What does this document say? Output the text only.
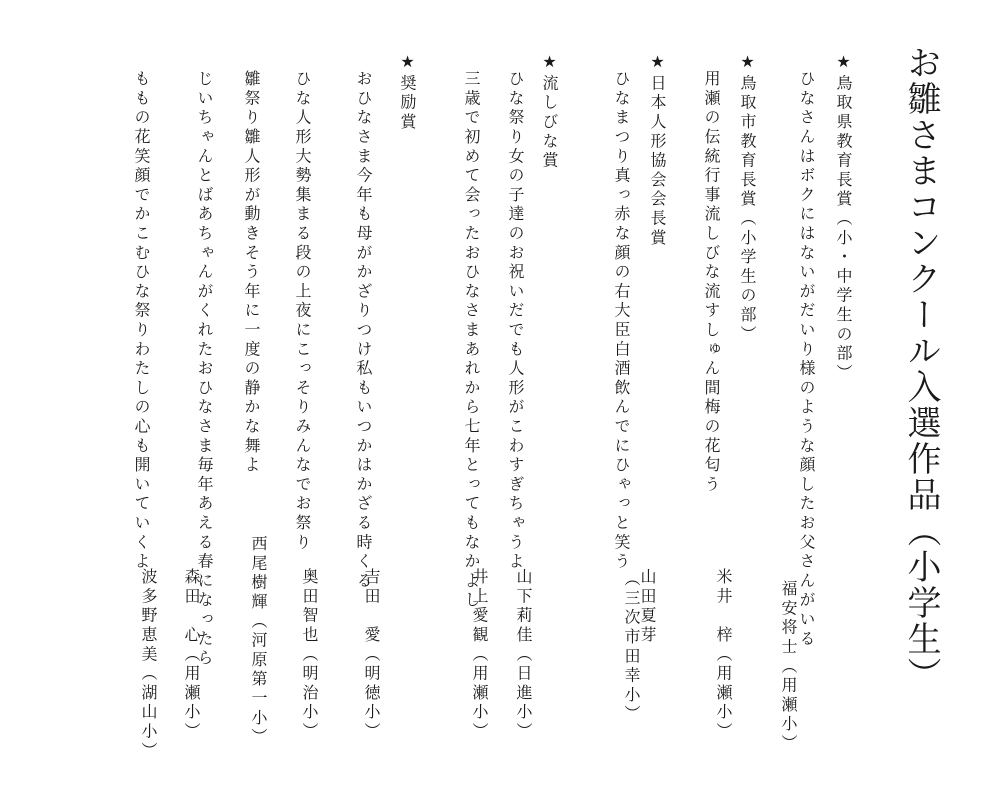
お雛さまコンクール入選作品（小学生）
★鳥取県教育長賞（小・中学生の部）
ひなさんはボクにはないがだいり様のような顔したお父さんがいる
★鳥取市教育長賞（小学生の部）
用瀬の伝統行事流しびな流すしゅん間梅の花匂う
★日本人形協会会長賞
ひなまつり真っ赤な顔の右大臣白酒飲んでにひゃっと笑う
★流しびな賞
ひな祭り女の子達のお祝いだでも人形がこわすぎちゃうよ
三歳で初めて会ったおひなさまあれから七年とってもなかよし
★奨励賞
おひなさま今年も母がかざりつけ私もいつかはかざる時くる
ひな人形大勢集まる段の上夜にこっそりみんなでお祭り
雛祭り雛人形が動きそう年に一度の静かな舞よ
じいちゃんとばあちゃんがくれたおひなさま毎年あえる春になったら
ももの花笑顔でかこむひな祭りわたしの心も開いていくよ
福安将士（用瀬小）
米井　梓（用瀬小）
山田夏芽
（三次市田幸小）
山下莉佳（日進小）
井上愛観（用瀬小）
吉田　愛（明徳小）
奥田智也（明治小）
西尾樹輝（河原第一小）
森田　心（用瀬小）
波多野恵美（湖山小）
